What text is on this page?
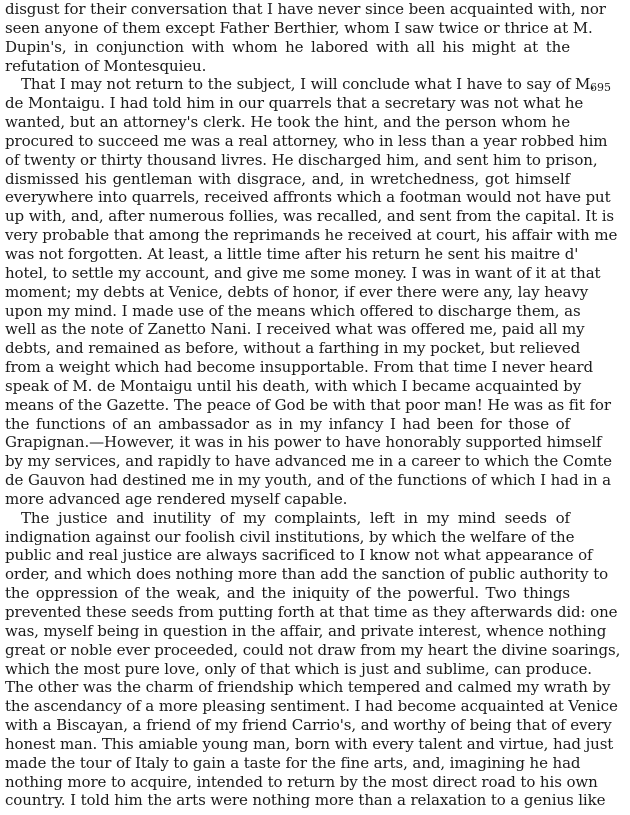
disgust for their conversation that I have never since been acquainted with, nor
seen anyone of them except Father Berthier, whom I saw twice or thrice at M.
Dupin's, in conjunction with whom he labored with all his might at the
refutation of Montesquieu.
That I may not return to the subject, I will conclude what I have to say of M.
de Montaigu. I had told him in our quarrels that a secretary was not what he
wanted, but an attorney's clerk. He took the hint, and the person whom he
procured to succeed me was a real attorney, who in less than a year robbed him
of twenty or thirty thousand livres. He discharged him, and sent him to prison,
dismissed his gentleman with disgrace, and, in wretchedness, got himself
everywhere into quarrels, received affronts which a footman would not have put
up with, and, after numerous follies, was recalled, and sent from the capital. It is
very probable that among the reprimands he received at court, his affair with me
was not forgotten. At least, a little time after his return he sent his maitre d'
hotel, to settle my account, and give me some money. I was in want of it at that
moment; my debts at Venice, debts of honor, if ever there were any, lay heavy
upon my mind. I made use of the means which offered to discharge them, as
well as the note of Zanetto Nani. I received what was offered me, paid all my
debts, and remained as before, without a farthing in my pocket, but relieved
from a weight which had become insupportable. From that time I never heard
speak of M. de Montaigu until his death, with which I became acquainted by
means of the Gazette. The peace of God be with that poor man! He was as fit for
the functions of an ambassador as in my infancy I had been for those of
Grapignan.—However, it was in his power to have honorably supported himself
by my services, and rapidly to have advanced me in a career to which the Comte
de Gauvon had destined me in my youth, and of the functions of which I had in a
more advanced age rendered myself capable.
The justice and inutility of my complaints, left in my mind seeds of
indignation against our foolish civil institutions, by which the welfare of the
public and real justice are always sacrificed to I know not what appearance of
order, and which does nothing more than add the sanction of public authority to
the oppression of the weak, and the iniquity of the powerful. Two things
prevented these seeds from putting forth at that time as they afterwards did: one
was, myself being in question in the affair, and private interest, whence nothing
great or noble ever proceeded, could not draw from my heart the divine soarings,
which the most pure love, only of that which is just and sublime, can produce.
The other was the charm of friendship which tempered and calmed my wrath by
the ascendancy of a more pleasing sentiment. I had become acquainted at Venice
with a Biscayan, a friend of my friend Carrio's, and worthy of being that of every
honest man. This amiable young man, born with every talent and virtue, had just
made the tour of Italy to gain a taste for the fine arts, and, imagining he had
nothing more to acquire, intended to return by the most direct road to his own
country. I told him the arts were nothing more than a relaxation to a genius like
695
